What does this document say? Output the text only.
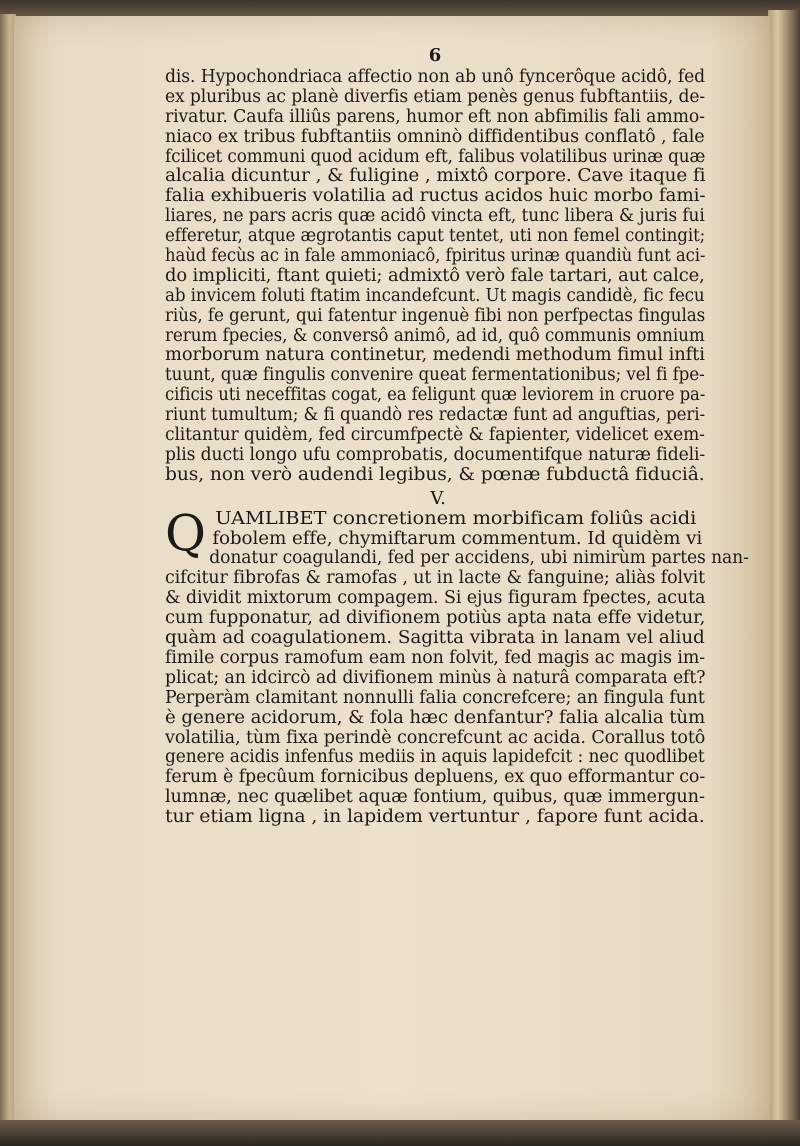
6
dis. Hypochondriaca affectio non ab unô fyncerôque acidô, fed
ex pluribus ac planè diverfis etiam penès genus fubftantiis, de-
rivatur. Caufa illiûs parens, humor eft non abfimilis fali ammo-
niaco ex tribus fubftantiis omninò diffidentibus conflatô , fale
fcilicet communi quod acidum eft, falibus volatilibus urinæ quæ
alcalia dicuntur , & fuligine , mixtô corpore. Cave itaque fi
falia exhibueris volatilia ad ructus acidos huic morbo fami-
liares, ne pars acris quæ acidô vincta eft, tunc libera & juris fui
efferetur, atque ægrotantis caput tentet, uti non femel contingit;
haùd fecùs ac in fale ammoniacô, fpiritus urinæ quandiù funt aci-
do impliciti, ftant quieti; admixtô verò fale tartari, aut calce,
ab invicem foluti ftatim incandefcunt. Ut magis candidè, fic fecu
riùs, fe gerunt, qui fatentur ingenuè fibi non perfpectas fingulas
rerum fpecies, & conversô animô, ad id, quô communis omnium
morborum natura continetur, medendi methodum fimul infti
tuunt, quæ fingulis convenire queat fermentationibus; vel fi fpe-
cificis uti neceffitas cogat, ea feligunt quæ leviorem in cruore pa-
riunt tumultum; & fi quandò res redactæ funt ad anguftias, peri-
clitantur quidèm, fed circumfpectè & fapienter, videlicet exem-
plis ducti longo ufu comprobatis, documentifque naturæ fideli-
bus, non verò audendi legibus, & pœnæ fubductâ fiduciâ.
V.
Q UAMLIBET concretionem morbificam foliûs acidi
fobolem effe, chymiftarum commentum. Id quidèm vi
donatur coagulandi, fed per accidens, ubi nimirùm partes nan-
cifcitur fibrofas & ramofas , ut in lacte & fanguine; aliàs folvit
& dividit mixtorum compagem. Si ejus figuram fpectes, acuta
cum fupponatur, ad divifionem potiùs apta nata effe videtur,
quàm ad coagulationem. Sagitta vibrata in lanam vel aliud
fimile corpus ramofum eam non folvit, fed magis ac magis im-
plicat; an idcircò ad divifionem minùs à naturâ comparata eft?
Perperàm clamitant nonnulli falia concrefcere; an fingula funt
è genere acidorum, & fola hæc denfantur? falia alcalia tùm
volatilia, tùm fixa perindè concrefcunt ac acida. Corallus totô
genere acidis infenfus mediis in aquis lapidefcit : nec quodlibet
ferum è fpecûum fornicibus depluens, ex quo efformantur co-
lumnæ, nec quælibet aquæ fontium, quibus, quæ immergun-
tur etiam ligna , in lapidem vertuntur , fapore funt acida.
